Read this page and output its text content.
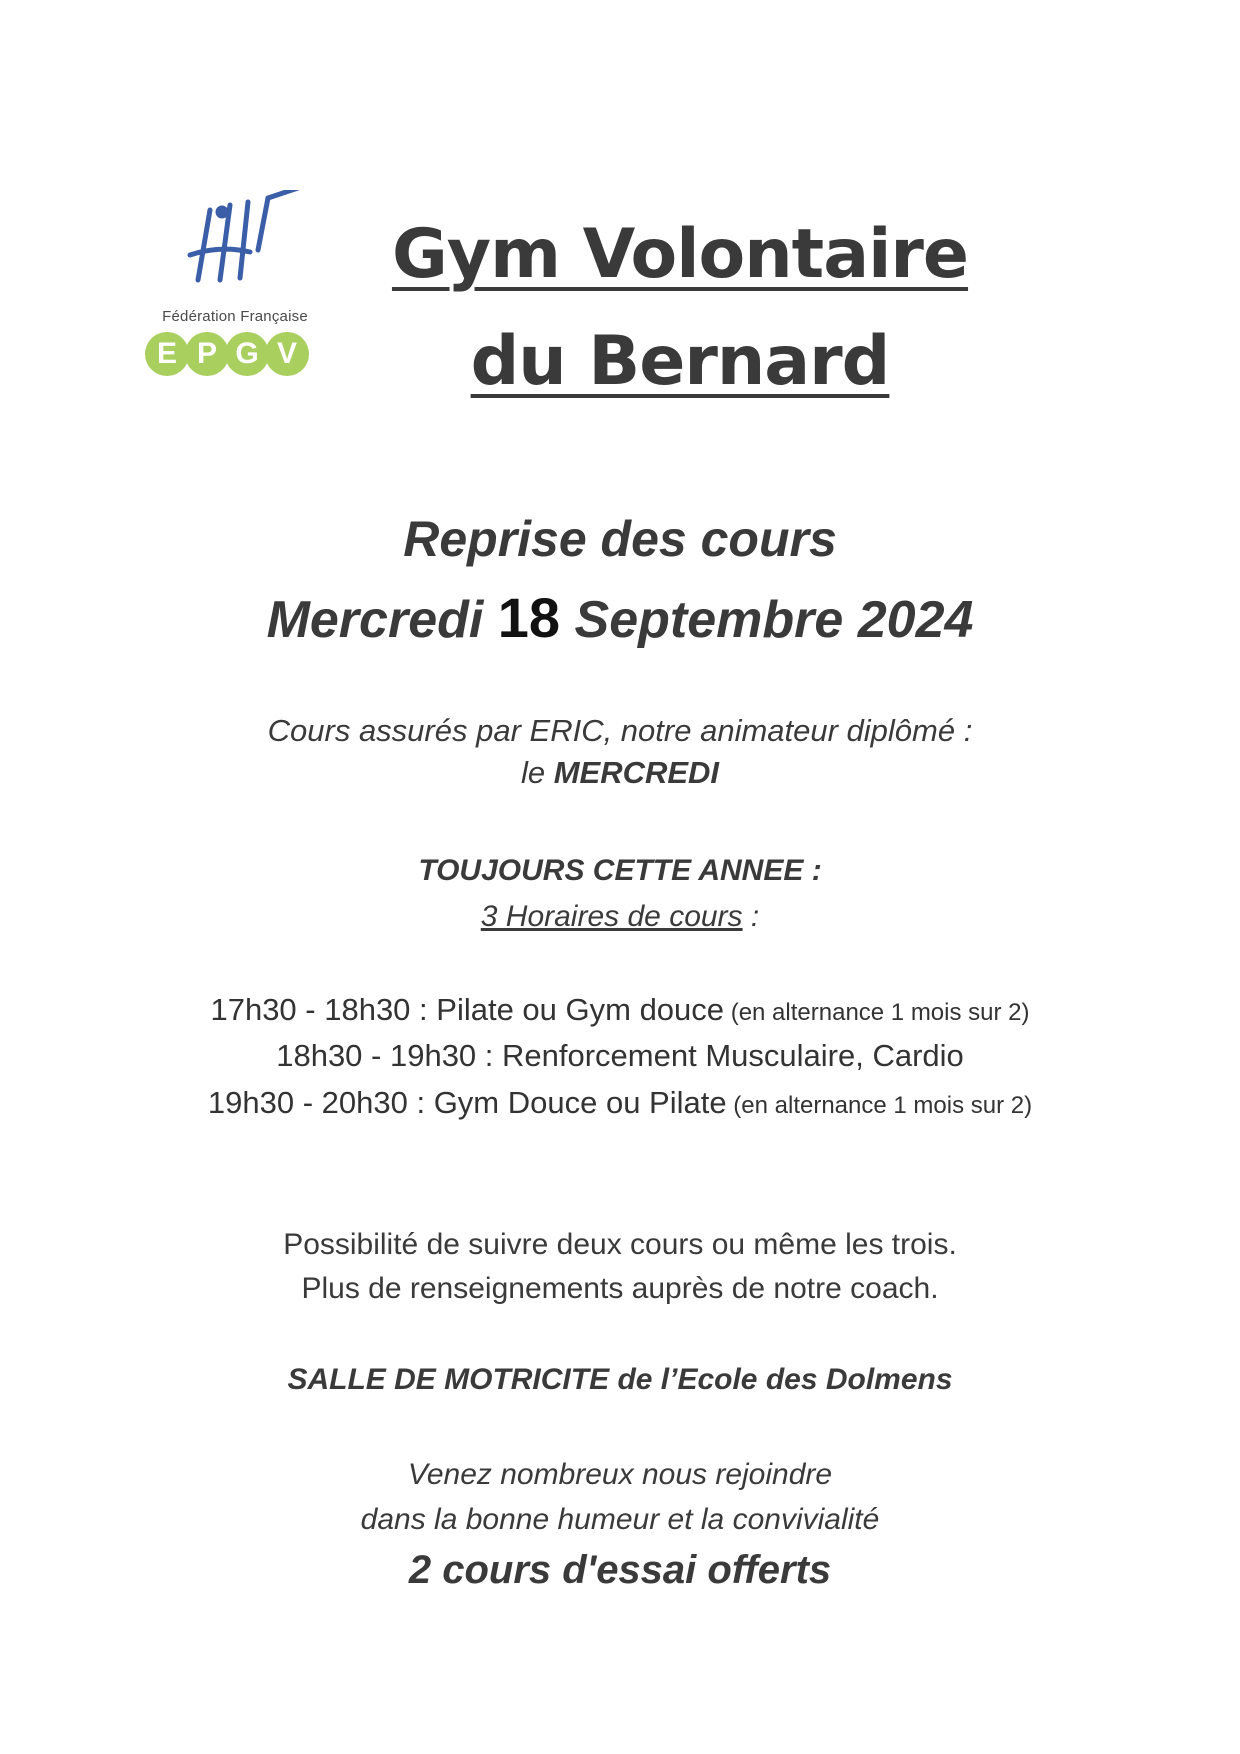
Fédération Française
E P G V
Gym Volontaire
du Bernard
Reprise des cours
Mercredi 18 Septembre 2024
Cours assurés par ERIC, notre animateur diplômé :
le MERCREDI
TOUJOURS CETTE ANNEE :
3 Horaires de cours :
17h30 - 18h30 : Pilate ou Gym douce (en alternance 1 mois sur 2)
18h30 - 19h30 : Renforcement Musculaire, Cardio
19h30 - 20h30 : Gym Douce ou Pilate (en alternance 1 mois sur 2)
Possibilité de suivre deux cours ou même les trois.
Plus de renseignements auprès de notre coach.
SALLE DE MOTRICITE de l’Ecole des Dolmens
Venez nombreux nous rejoindre
dans la bonne humeur et la convivialité
2 cours d'essai offerts
